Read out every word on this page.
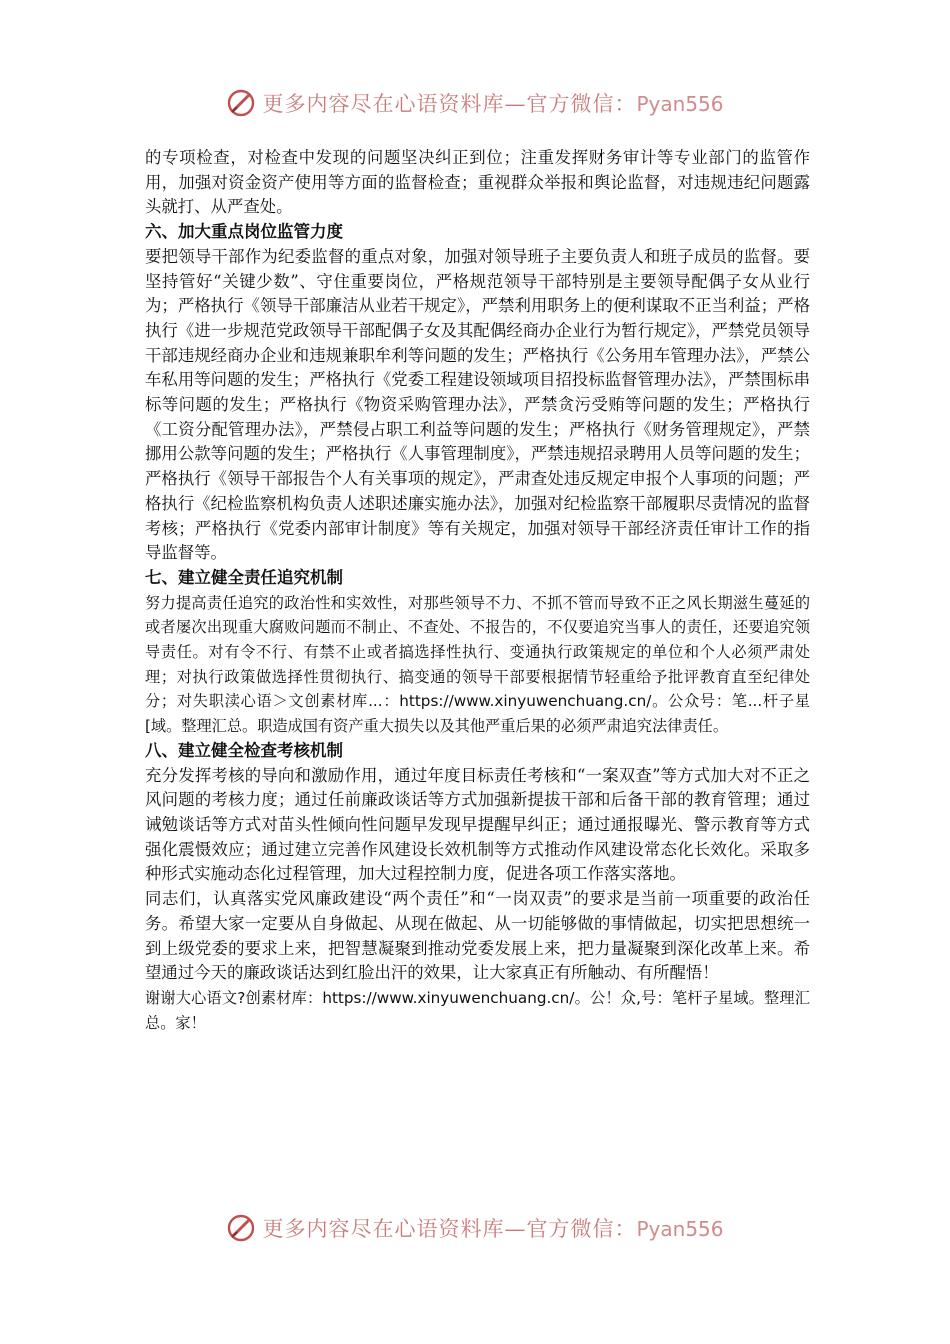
更多内容尽在心语资料库—官方微信：Pyan556

的专项检查，对检查中发现的问题坚决纠正到位；注重发挥财务审计等专业部门的监管作用，加强对资金资产使用等方面的监督检查；重视群众举报和舆论监督，对违规违纪问题露头就打、从严查处。

六、加大重点岗位监管力度

要把领导干部作为纪委监督的重点对象，加强对领导班子主要负责人和班子成员的监督。要坚持管好“关键少数”、守住重要岗位，严格规范领导干部特别是主要领导配偶子女从业行为；严格执行《领导干部廉洁从业若干规定》，严禁利用职务上的便利谋取不正当利益；严格执行《进一步规范党政领导干部配偶子女及其配偶经商办企业行为暂行规定》，严禁党员领导干部违规经商办企业和违规兼职牟利等问题的发生；严格执行《公务用车管理办法》，严禁公车私用等问题的发生；严格执行《党委工程建设领域项目招投标监督管理办法》，严禁围标串标等问题的发生；严格执行《物资采购管理办法》，严禁贪污受贿等问题的发生；严格执行《工资分配管理办法》，严禁侵占职工利益等问题的发生；严格执行《财务管理规定》，严禁挪用公款等问题的发生；严格执行《人事管理制度》，严禁违规招录聘用人员等问题的发生；严格执行《领导干部报告个人有关事项的规定》，严肃查处违反规定申报个人事项的问题；严格执行《纪检监察机构负责人述职述廉实施办法》，加强对纪检监察干部履职尽责情况的监督考核；严格执行《党委内部审计制度》等有关规定，加强对领导干部经济责任审计工作的指导监督等。

七、建立健全责任追究机制

努力提高责任追究的政治性和实效性，对那些领导不力、不抓不管而导致不正之风长期滋生蔓延的或者屡次出现重大腐败问题而不制止、不查处、不报告的，不仅要追究当事人的责任，还要追究领导责任。对有令不行、有禁不止或者搞选择性执行、变通执行政策规定的单位和个人必须严肃处理；对执行政策做选择性贯彻执行、搞变通的领导干部要根据情节轻重给予批评教育直至纪律处分；对失职渎心语＞文创素材库...：https://www.xinyuwenchuang.cn/。公众号：笔...杆子星[域。整理汇总。职造成国有资产重大损失以及其他严重后果的必须严肃追究法律责任。

八、建立健全检查考核机制

充分发挥考核的导向和激励作用，通过年度目标责任考核和“一案双查”等方式加大对不正之风问题的考核力度；通过任前廉政谈话等方式加强新提拔干部和后备干部的教育管理；通过诫勉谈话等方式对苗头性倾向性问题早发现早提醒早纠正；通过通报曝光、警示教育等方式强化震慑效应；通过建立完善作风建设长效机制等方式推动作风建设常态化长效化。采取多种形式实施动态化过程管理，加大过程控制力度，促进各项工作落实落地。

同志们，认真落实党风廉政建设“两个责任”和“一岗双责”的要求是当前一项重要的政治任务。希望大家一定要从自身做起、从现在做起、从一切能够做的事情做起，切实把思想统一到上级党委的要求上来，把智慧凝聚到推动党委发展上来，把力量凝聚到深化改革上来。希望通过今天的廉政谈话达到红脸出汗的效果，让大家真正有所触动、有所醒悟！

谢谢大心语文?创素材库：https://www.xinyuwenchuang.cn/。公！众,号：笔杆子星域。整理汇总。家！

更多内容尽在心语资料库—官方微信：Pyan556
